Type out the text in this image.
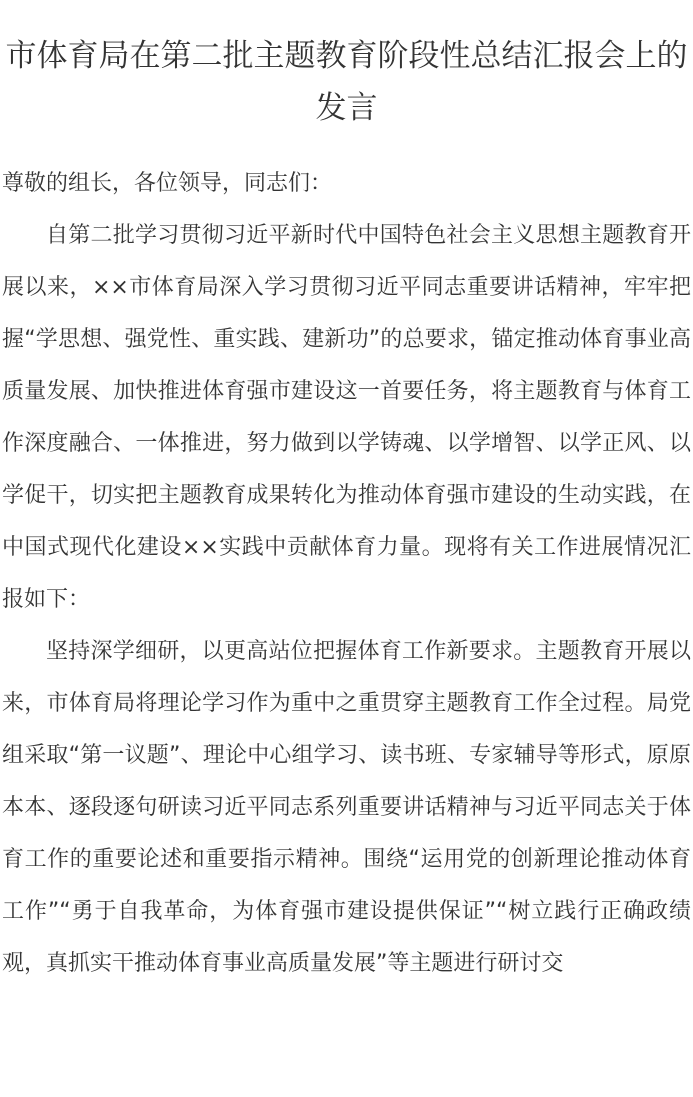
市体育局在第二批主题教育阶段性总结汇报会上的发言

尊敬的组长，各位领导，同志们：

自第二批学习贯彻习近平新时代中国特色社会主义思想主题教育开展以来，××市体育局深入学习贯彻习近平同志重要讲话精神，牢牢把握“学思想、强党性、重实践、建新功”的总要求，锚定推动体育事业高质量发展、加快推进体育强市建设这一首要任务，将主题教育与体育工作深度融合、一体推进，努力做到以学铸魂、以学增智、以学正风、以学促干，切实把主题教育成果转化为推动体育强市建设的生动实践，在中国式现代化建设××实践中贡献体育力量。现将有关工作进展情况汇报如下：

坚持深学细研，以更高站位把握体育工作新要求。主题教育开展以来，市体育局将理论学习作为重中之重贯穿主题教育工作全过程。局党组采取“第一议题”、理论中心组学习、读书班、专家辅导等形式，原原本本、逐段逐句研读习近平同志系列重要讲话精神与习近平同志关于体育工作的重要论述和重要指示精神。围绕“运用党的创新理论推动体育工作”“勇于自我革命，为体育强市建设提供保证”“树立践行正确政绩观，真抓实干推动体育事业高质量发展”等主题进行研讨交
